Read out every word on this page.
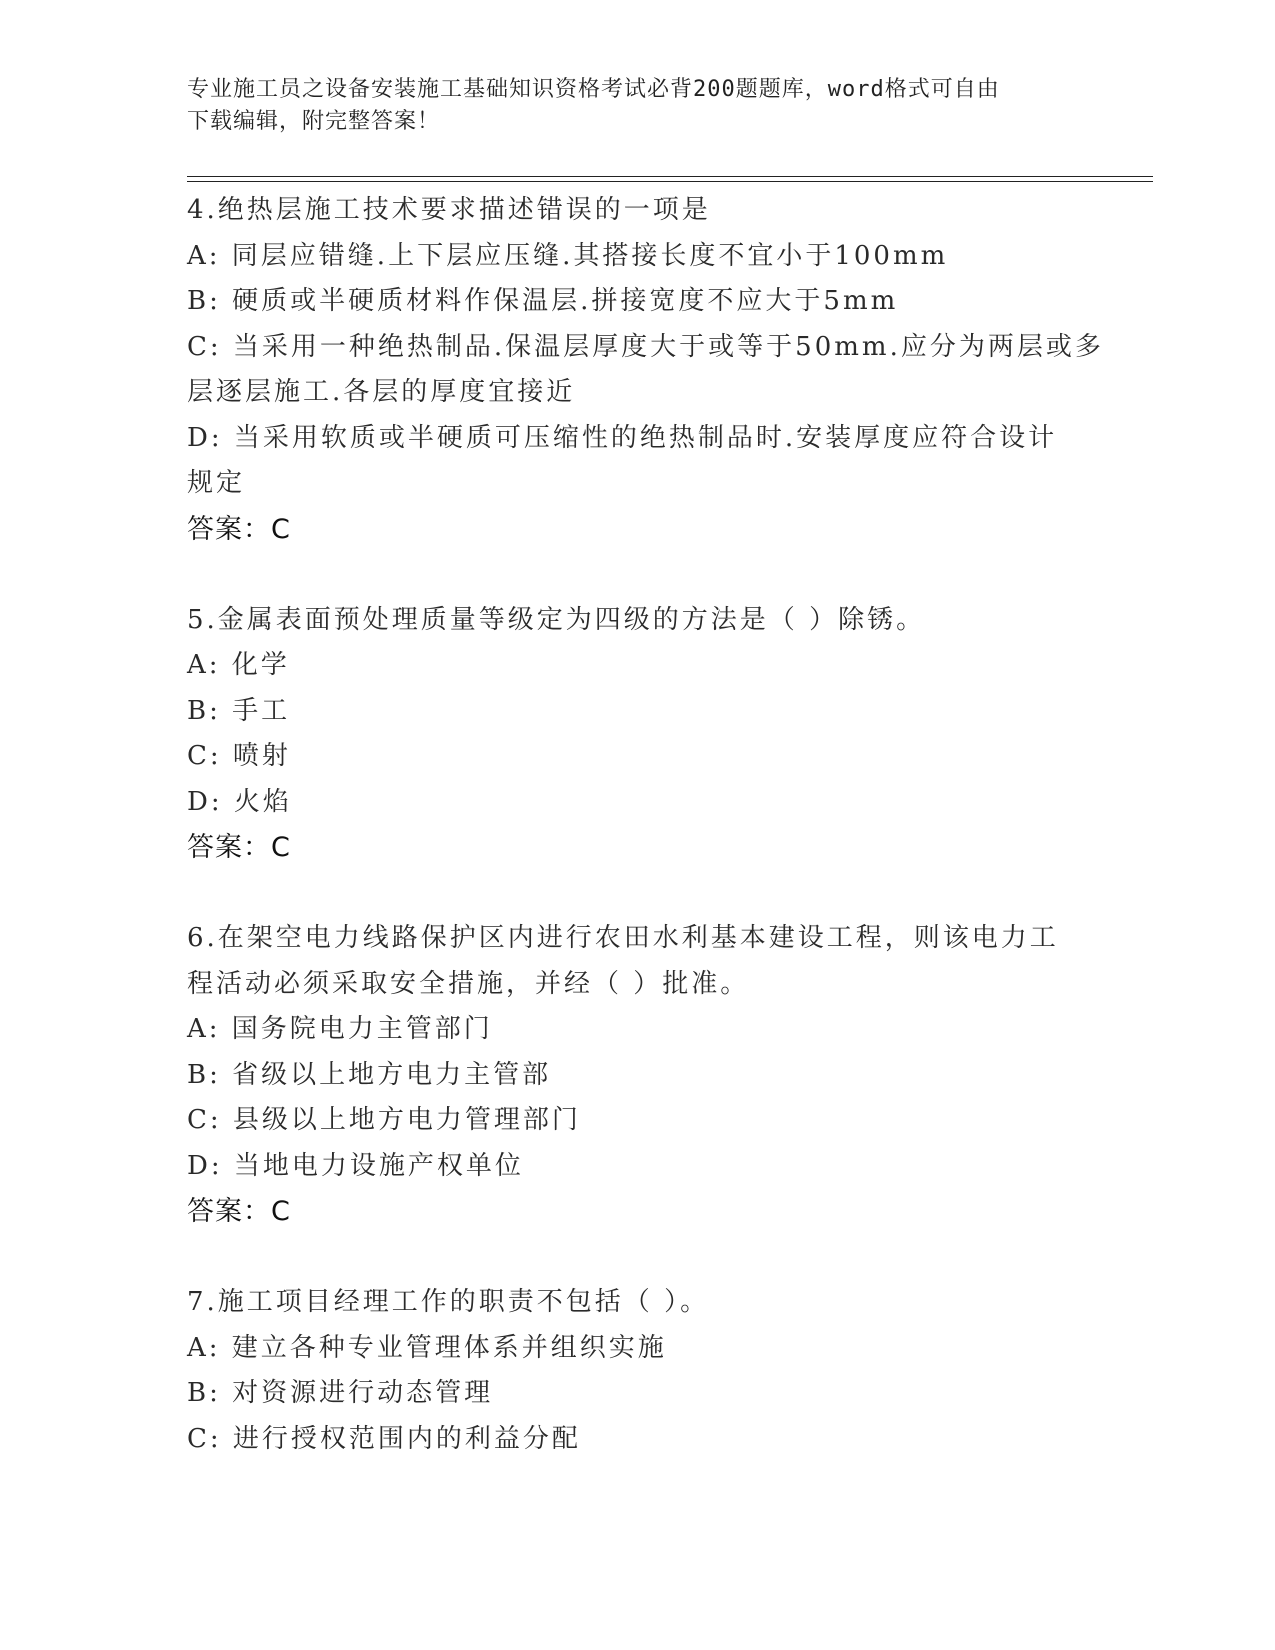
专业施工员之设备安装施工基础知识资格考试必背200题题库，word格式可自由
下载编辑，附完整答案！
4.绝热层施工技术要求描述错误的一项是
A: 同层应错缝.上下层应压缝.其搭接长度不宜小于100mm
B: 硬质或半硬质材料作保温层.拼接宽度不应大于5mm
C: 当采用一种绝热制品.保温层厚度大于或等于50mm.应分为两层或多
层逐层施工.各层的厚度宜接近
D: 当采用软质或半硬质可压缩性的绝热制品时.安装厚度应符合设计
规定
答案：C
5.金属表面预处理质量等级定为四级的方法是（ ）除锈。
A: 化学
B: 手工
C: 喷射
D: 火焰
答案：C
6.在架空电力线路保护区内进行农田水利基本建设工程，则该电力工
程活动必须采取安全措施，并经（ ）批准。
A: 国务院电力主管部门
B: 省级以上地方电力主管部
C: 县级以上地方电力管理部门
D: 当地电力设施产权单位
答案：C
7.施工项目经理工作的职责不包括（ ）。
A: 建立各种专业管理体系并组织实施
B: 对资源进行动态管理
C: 进行授权范围内的利益分配
